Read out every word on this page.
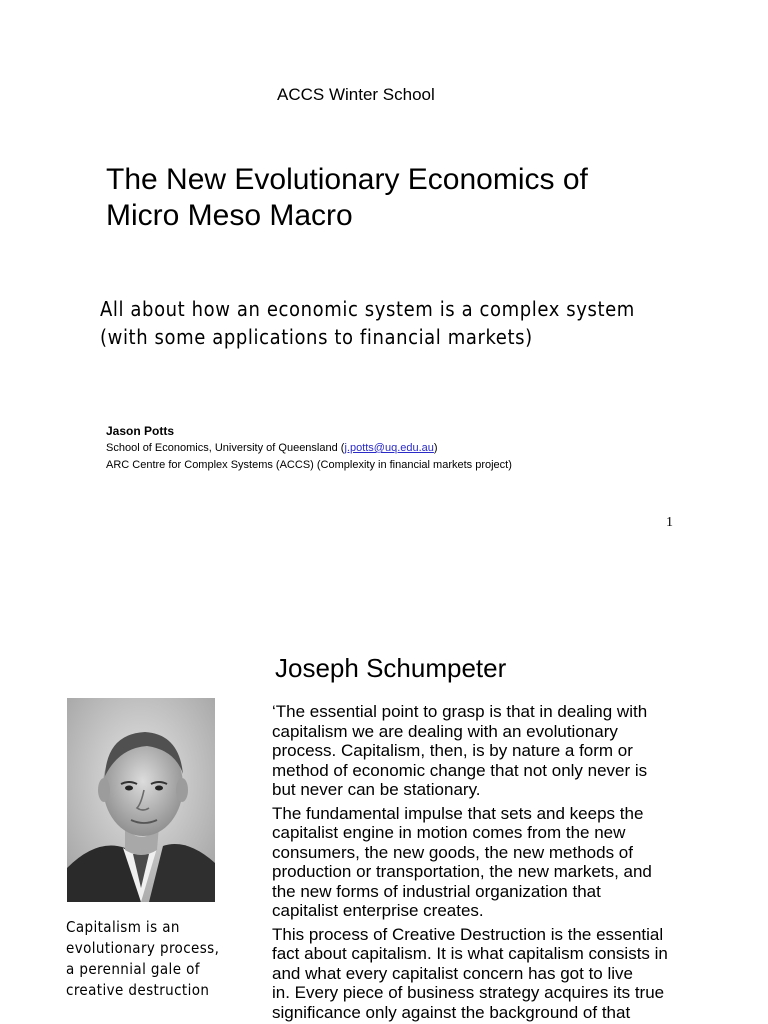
ACCS Winter School
The New Evolutionary Economics of
Micro Meso Macro
All about how an economic system is a complex system
(with some applications to financial markets)
Jason Potts
School of Economics, University of Queensland (j.potts@uq.edu.au)
ARC Centre for Complex Systems (ACCS) (Complexity in financial markets project)
1
Joseph Schumpeter
Capitalism is an
evolutionary process,
a perennial gale of
creative destruction

‘The essential point to grasp is that in dealing with
capitalism we are dealing with an evolutionary
process. Capitalism, then, is by nature a form or
method of economic change that not only never is
but never can be stationary.

The fundamental impulse that sets and keeps the
capitalist engine in motion comes from the new
consumers, the new goods, the new methods of
production or transportation, the new markets, and
the new forms of industrial organization that
capitalist enterprise creates.

This process of Creative Destruction is the essential
fact about capitalism. It is what capitalism consists in
and what every capitalist concern has got to live
in. Every piece of business strategy acquires its true
significance only against the background of that
